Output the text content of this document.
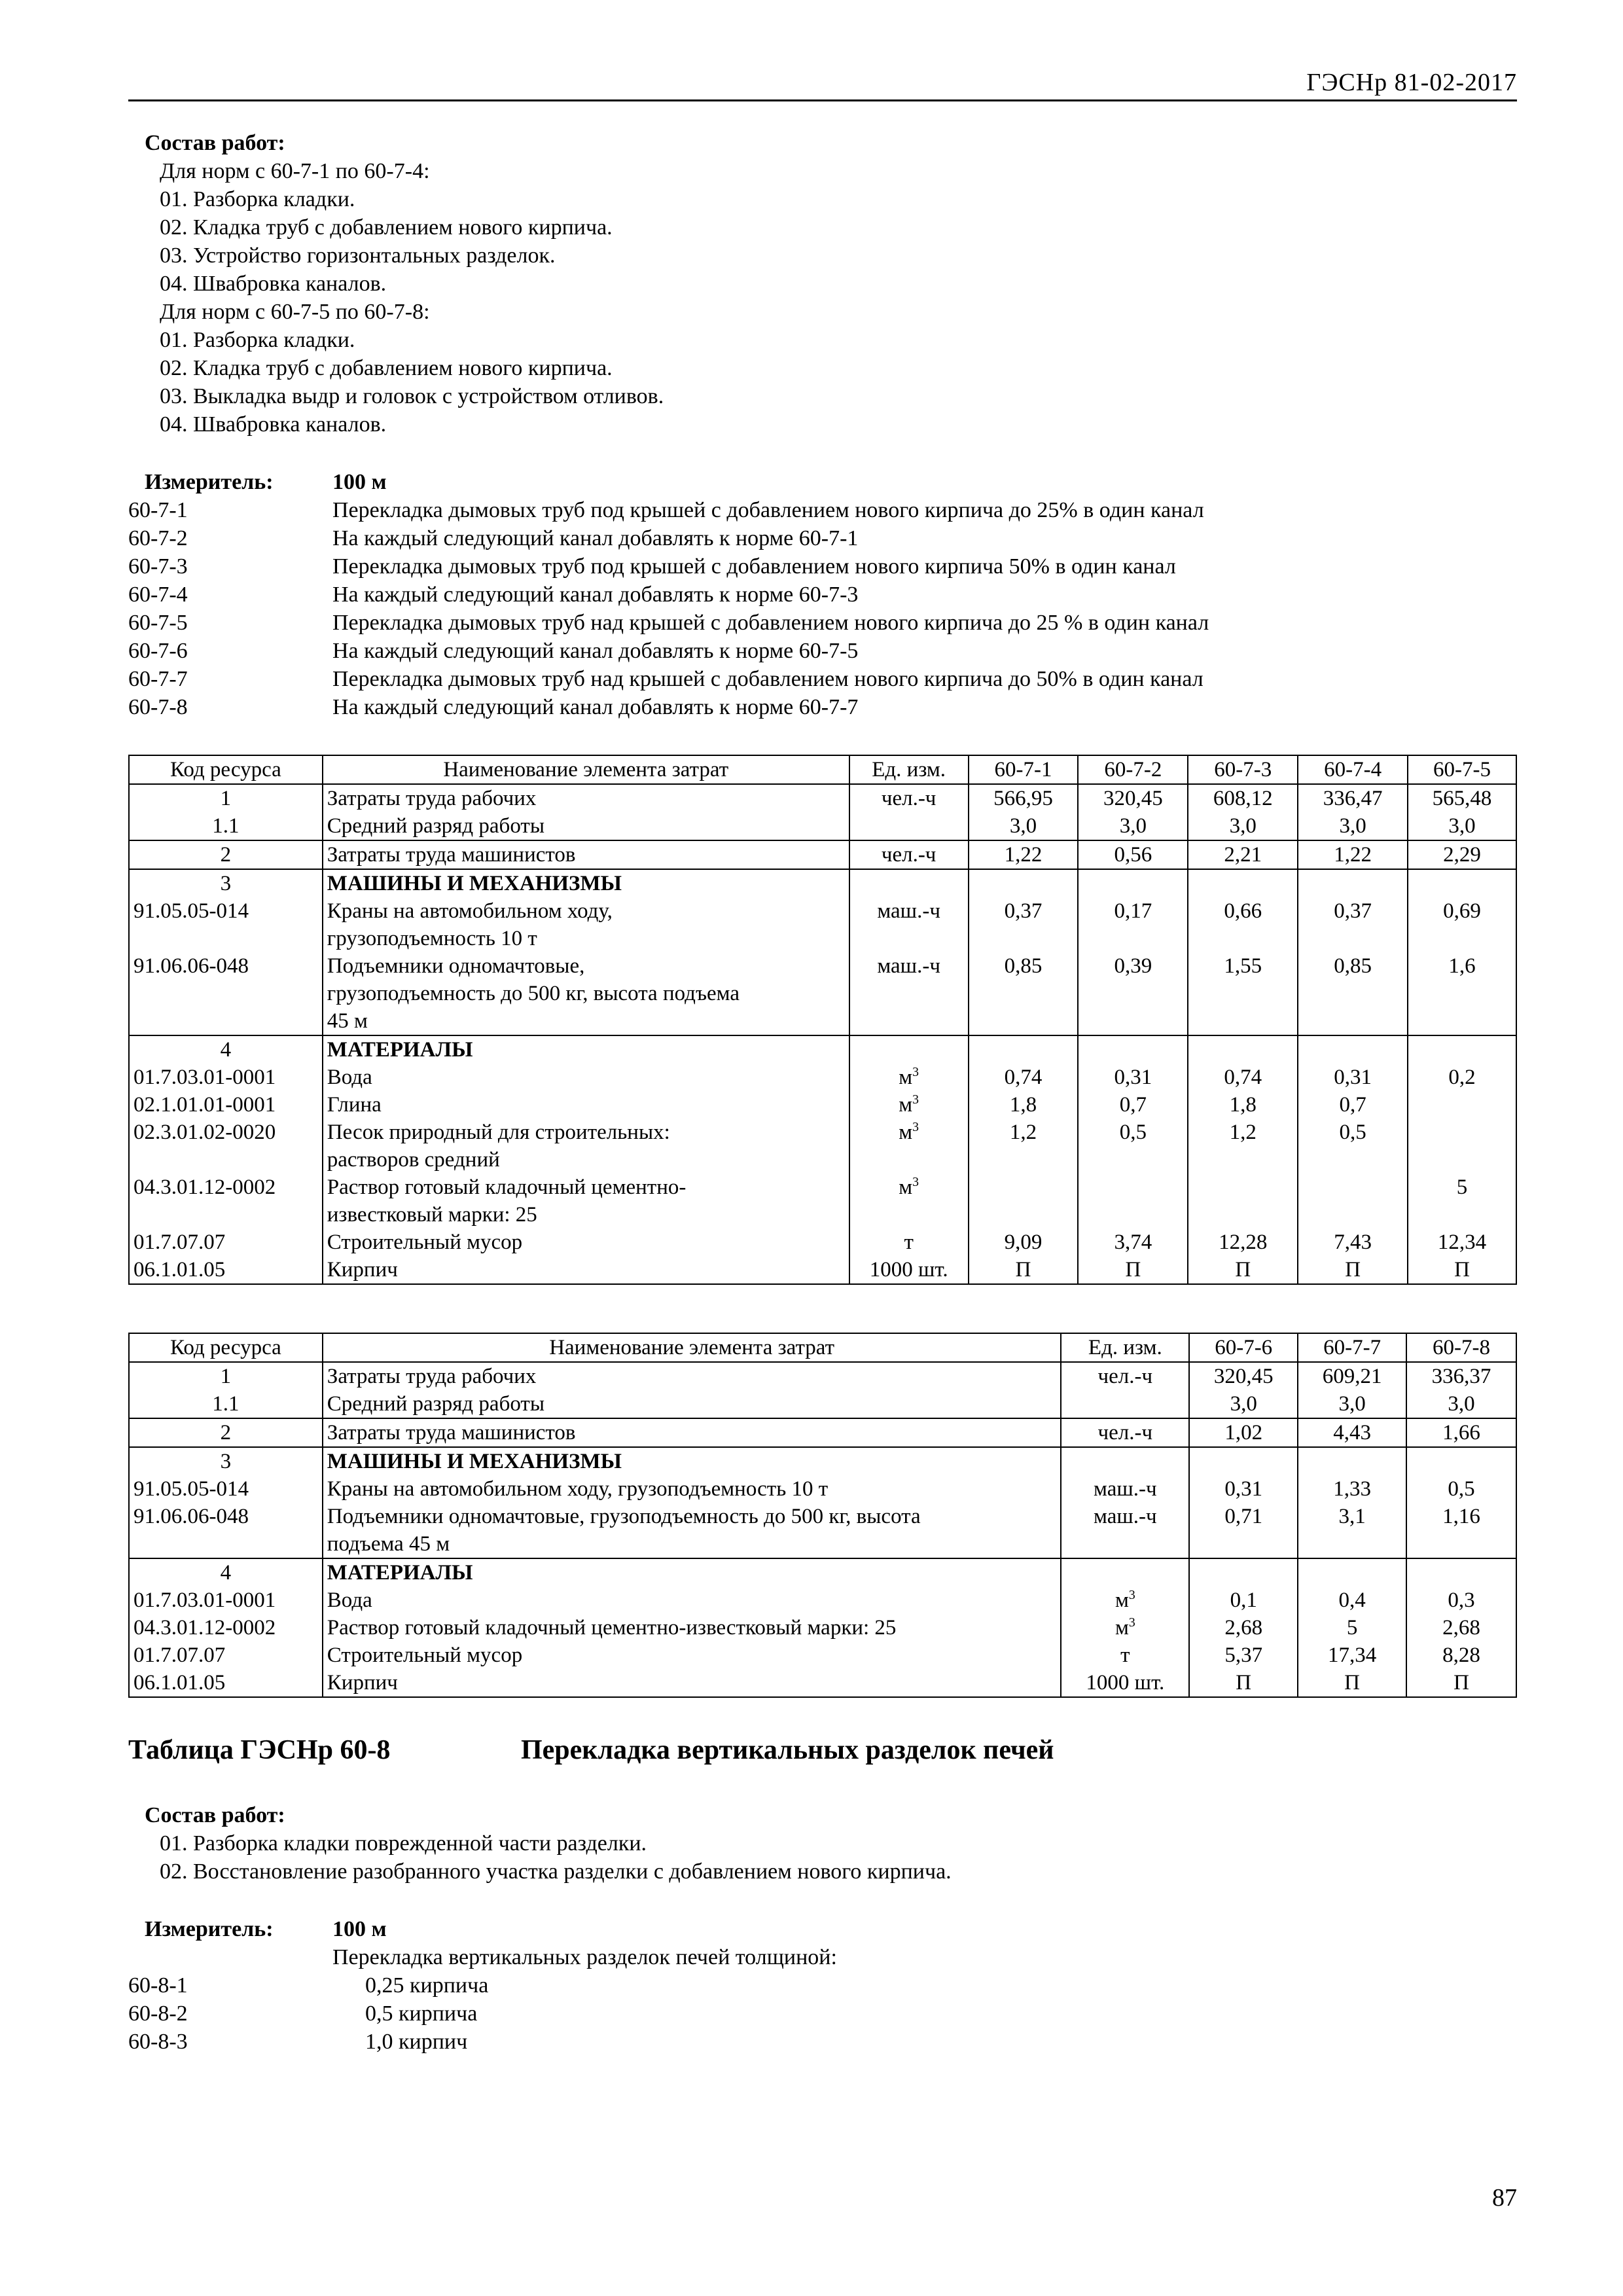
ГЭСНр 81-02-2017
Состав работ:
Для норм с 60-7-1 по 60-7-4:
01. Разборка кладки.
02. Кладка труб с добавлением нового кирпича.
03. Устройство горизонтальных разделок.
04. Швабровка каналов.
Для норм с 60-7-5 по 60-7-8:
01. Разборка кладки.
02. Кладка труб с добавлением нового кирпича.
03. Выкладка выдр и головок с устройством отливов.
04. Швабровка каналов.
Измеритель:	100 м
60-7-1	Перекладка дымовых труб под крышей с добавлением нового кирпича до 25% в один канал
60-7-2	На каждый следующий канал добавлять к норме 60-7-1
60-7-3	Перекладка дымовых труб под крышей с добавлением нового кирпича 50% в один канал
60-7-4	На каждый следующий канал добавлять к норме 60-7-3
60-7-5	Перекладка дымовых труб над крышей с добавлением нового кирпича до 25 % в один канал
60-7-6	На каждый следующий канал добавлять к норме 60-7-5
60-7-7	Перекладка дымовых труб над крышей с добавлением нового кирпича до 50% в один канал
60-7-8	На каждый следующий канал добавлять к норме 60-7-7
Код ресурса	Наименование элемента затрат	Ед. изм.	60-7-1	60-7-2	60-7-3	60-7-4	60-7-5
1	Затраты труда рабочих	чел.-ч	566,95	320,45	608,12	336,47	565,48
1.1	Средний разряд работы		3,0	3,0	3,0	3,0	3,0
2	Затраты труда машинистов	чел.-ч	1,22	0,56	2,21	1,22	2,29
3	МАШИНЫ И МЕХАНИЗМЫ						

91.05.05-014	Краны на автомобильном ходу,
грузоподъемность 10 т	маш.-ч	0,37	0,17	0,66	0,37	0,69
91.06.06-048	Подъемники одномачтовые,
грузоподъемность до 500 кг, высота подъема
45 м	маш.-ч	0,85	0,39	1,55	0,85	1,6
4	МАТЕРИАЛЫ						

01.7.03.01-0001	Вода	$м^3$	0,74	0,31	0,74	0,31	0,2
02.1.01.01-0001	Глина	$м^3$	1,8	0,7	1,8	0,7	
02.3.01.02-0020	Песок природный для строительных:
растворов средний	$м^3$	1,2	0,5	1,2	0,5	
04.3.01.12-0002	Раствор готовый кладочный цементно-
известковый марки: 25	$м^3$					5
01.7.07.07	Строительный мусор	т	9,09	3,74	12,28	7,43	12,34
06.1.01.05	Кирпич	1000 шт.	П	П	П	П	П
Код ресурса	Наименование элемента затрат	Ед. изм.	60-7-6	60-7-7	60-7-8
1	Затраты труда рабочих	чел.-ч	320,45	609,21	336,37
1.1	Средний разряд работы		3,0	3,0	3,0
2	Затраты труда машинистов	чел.-ч	1,02	4,43	1,66
3	МАШИНЫ И МЕХАНИЗМЫ				

91.05.05-014	Краны на автомобильном ходу, грузоподъемность 10 т	маш.-ч	0,31	1,33	0,5
91.06.06-048	Подъемники одномачтовые, грузоподъемность до 500 кг, высота
подъема 45 м	маш.-ч	0,71	3,1	1,16
4	МАТЕРИАЛЫ				

01.7.03.01-0001	Вода	$м^3$	0,1	0,4	0,3
04.3.01.12-0002	Раствор готовый кладочный цементно-известковый марки: 25	$м^3$	2,68	5	2,68
01.7.07.07	Строительный мусор	т	5,37	17,34	8,28
06.1.01.05	Кирпич	1000 шт.	П	П	П
Таблица ГЭСНр 60-8	Перекладка вертикальных разделок печей
Состав работ:
01. Разборка кладки поврежденной части разделки.
02. Восстановление разобранного участка разделки с добавлением нового кирпича.
Измеритель:	100 м
Перекладка вертикальных разделок печей толщиной:
60-8-1	0,25 кирпича
60-8-2	0,5 кирпича
60-8-3	1,0 кирпич
87
